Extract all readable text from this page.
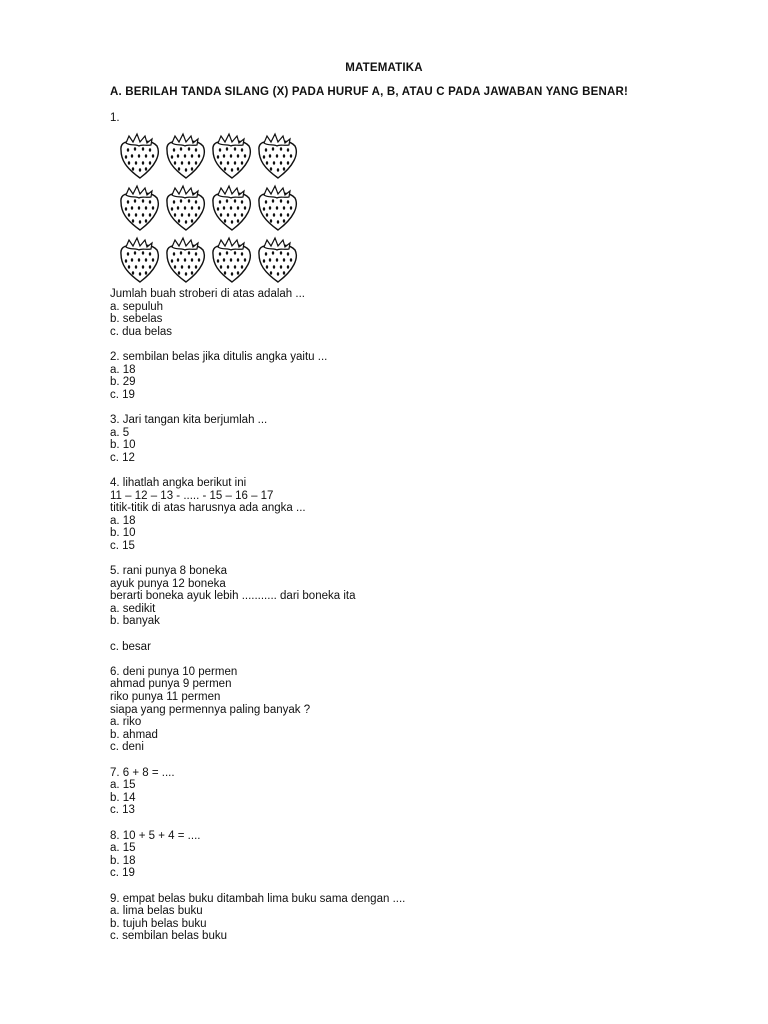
MATEMATIKA
A. BERILAH TANDA SILANG (X) PADA HURUF A, B, ATAU C PADA JAWABAN YANG BENAR!
1.
Jumlah buah stroberi di atas adalah ...
a. sepuluh
b. sebelas
c. dua belas
2. sembilan belas jika ditulis angka yaitu ...
a. 18
b. 29
c. 19
3. Jari tangan kita berjumlah ...
a. 5
b. 10
c. 12
4. lihatlah angka berikut ini
11 – 12 – 13 - ..... - 15 – 16 – 17
titik-titik di atas harusnya ada angka ...
a. 18
b. 10
c. 15
5. rani punya 8 boneka
ayuk punya 12 boneka
berarti boneka ayuk lebih ........... dari boneka ita
a. sedikit
b. banyak
c. besar
6. deni punya 10 permen
ahmad punya 9 permen
riko punya 11 permen
siapa yang permennya paling banyak ?
a. riko
b. ahmad
c. deni
7. 6 + 8 = ....
a. 15
b. 14
c. 13
8. 10 + 5 + 4 = ....
a. 15
b. 18
c. 19
9. empat belas buku ditambah lima buku sama dengan ....
a. lima belas buku
b. tujuh belas buku
c. sembilan belas buku
